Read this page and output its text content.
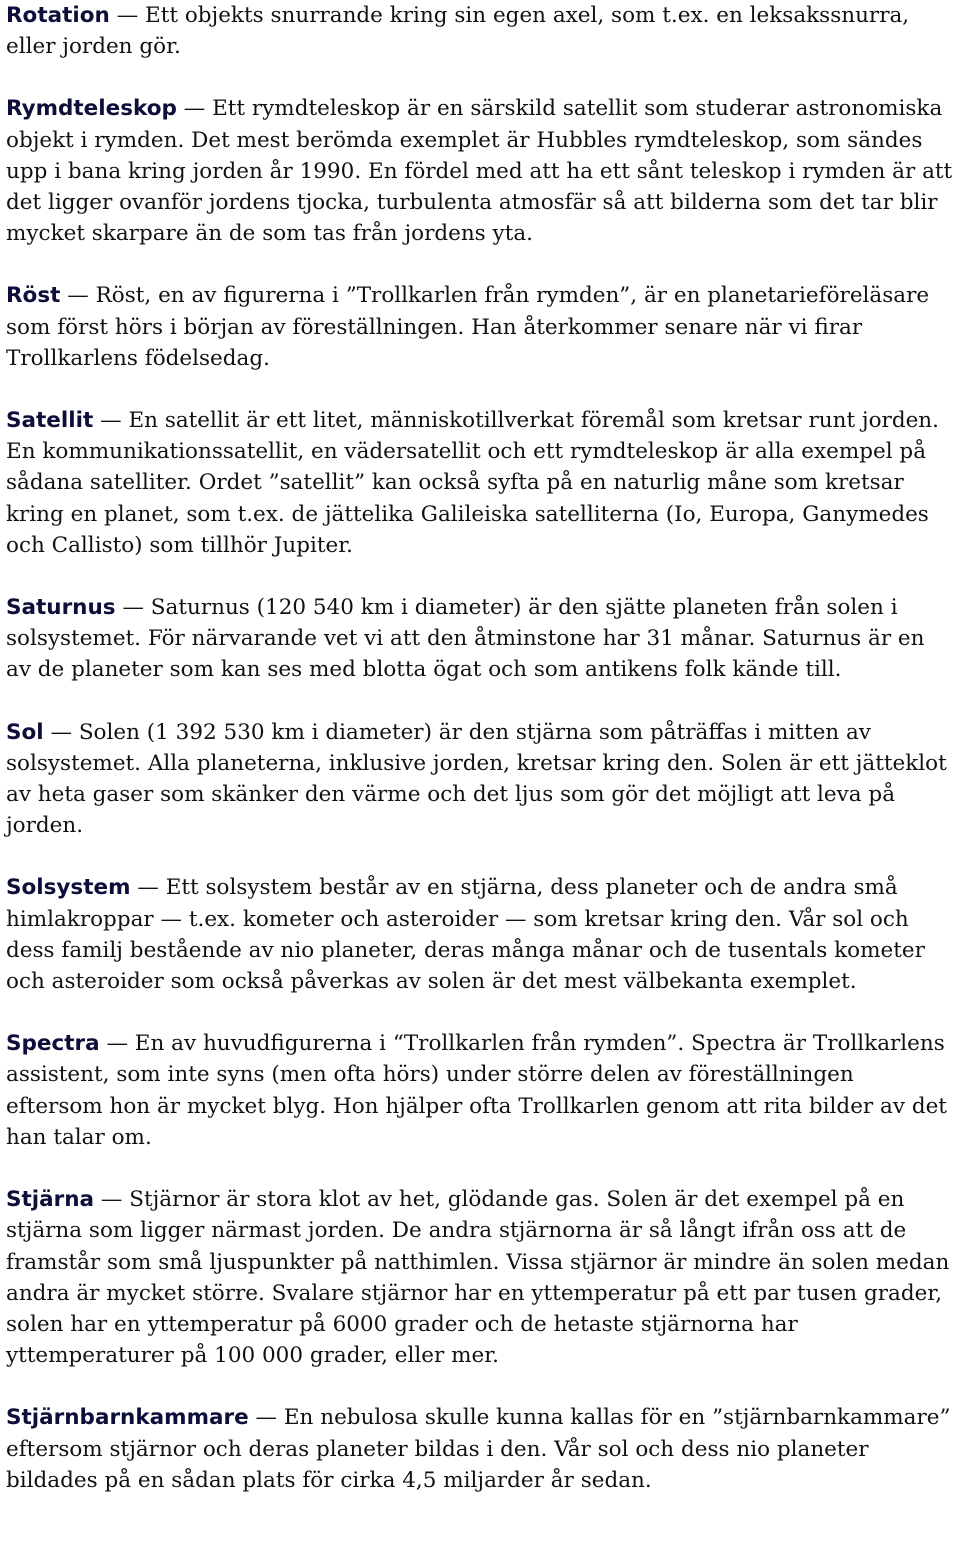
Rotation — Ett objekts snurrande kring sin egen axel, som t.ex. en leksakssnurra, eller jorden gör.

Rymdteleskop — Ett rymdteleskop är en särskild satellit som studerar astronomiska objekt i rymden. Det mest berömda exemplet är Hubbles rymdteleskop, som sändes upp i bana kring jorden år 1990. En fördel med att ha ett sånt teleskop i rymden är att det ligger ovanför jordens tjocka, turbulenta atmosfär så att bilderna som det tar blir mycket skarpare än de som tas från jordens yta.

Röst — Röst, en av figurerna i ”Trollkarlen från rymden”, är en planetarieföreläsare som först hörs i början av föreställningen. Han återkommer senare när vi firar Trollkarlens födelsedag.

Satellit — En satellit är ett litet, människotillverkat föremål som kretsar runt jorden. En kommunikationssatellit, en vädersatellit och ett rymdteleskop är alla exempel på sådana satelliter. Ordet ”satellit” kan också syfta på en naturlig måne som kretsar kring en planet, som t.ex. de jättelika Galileiska satelliterna (Io, Europa, Ganymedes och Callisto) som tillhör Jupiter.

Saturnus — Saturnus (120 540 km i diameter) är den sjätte planeten från solen i solsystemet. För närvarande vet vi att den åtminstone har 31 månar. Saturnus är en av de planeter som kan ses med blotta ögat och som antikens folk kände till.

Sol — Solen (1 392 530 km i diameter) är den stjärna som påträffas i mitten av solsystemet. Alla planeterna, inklusive jorden, kretsar kring den. Solen är ett jätteklot av heta gaser som skänker den värme och det ljus som gör det möjligt att leva på jorden.

Solsystem — Ett solsystem består av en stjärna, dess planeter och de andra små himlakroppar — t.ex. kometer och asteroider — som kretsar kring den. Vår sol och dess familj bestående av nio planeter, deras många månar och de tusentals kometer och asteroider som också påverkas av solen är det mest välbekanta exemplet.

Spectra — En av huvudfigurerna i “Trollkarlen från rymden”. Spectra är Trollkarlens assistent, som inte syns (men ofta hörs) under större delen av föreställningen eftersom hon är mycket blyg. Hon hjälper ofta Trollkarlen genom att rita bilder av det han talar om.

Stjärna — Stjärnor är stora klot av het, glödande gas. Solen är det exempel på en stjärna som ligger närmast jorden. De andra stjärnorna är så långt ifrån oss att de framstår som små ljuspunkter på natthimlen. Vissa stjärnor är mindre än solen medan andra är mycket större. Svalare stjärnor har en yttemperatur på ett par tusen grader, solen har en yttemperatur på 6000 grader och de hetaste stjärnorna har yttemperaturer på 100 000 grader, eller mer.

Stjärnbarnkammare — En nebulosa skulle kunna kallas för en ”stjärnbarnkammare” eftersom stjärnor och deras planeter bildas i den. Vår sol och dess nio planeter bildades på en sådan plats för cirka 4,5 miljarder år sedan.
